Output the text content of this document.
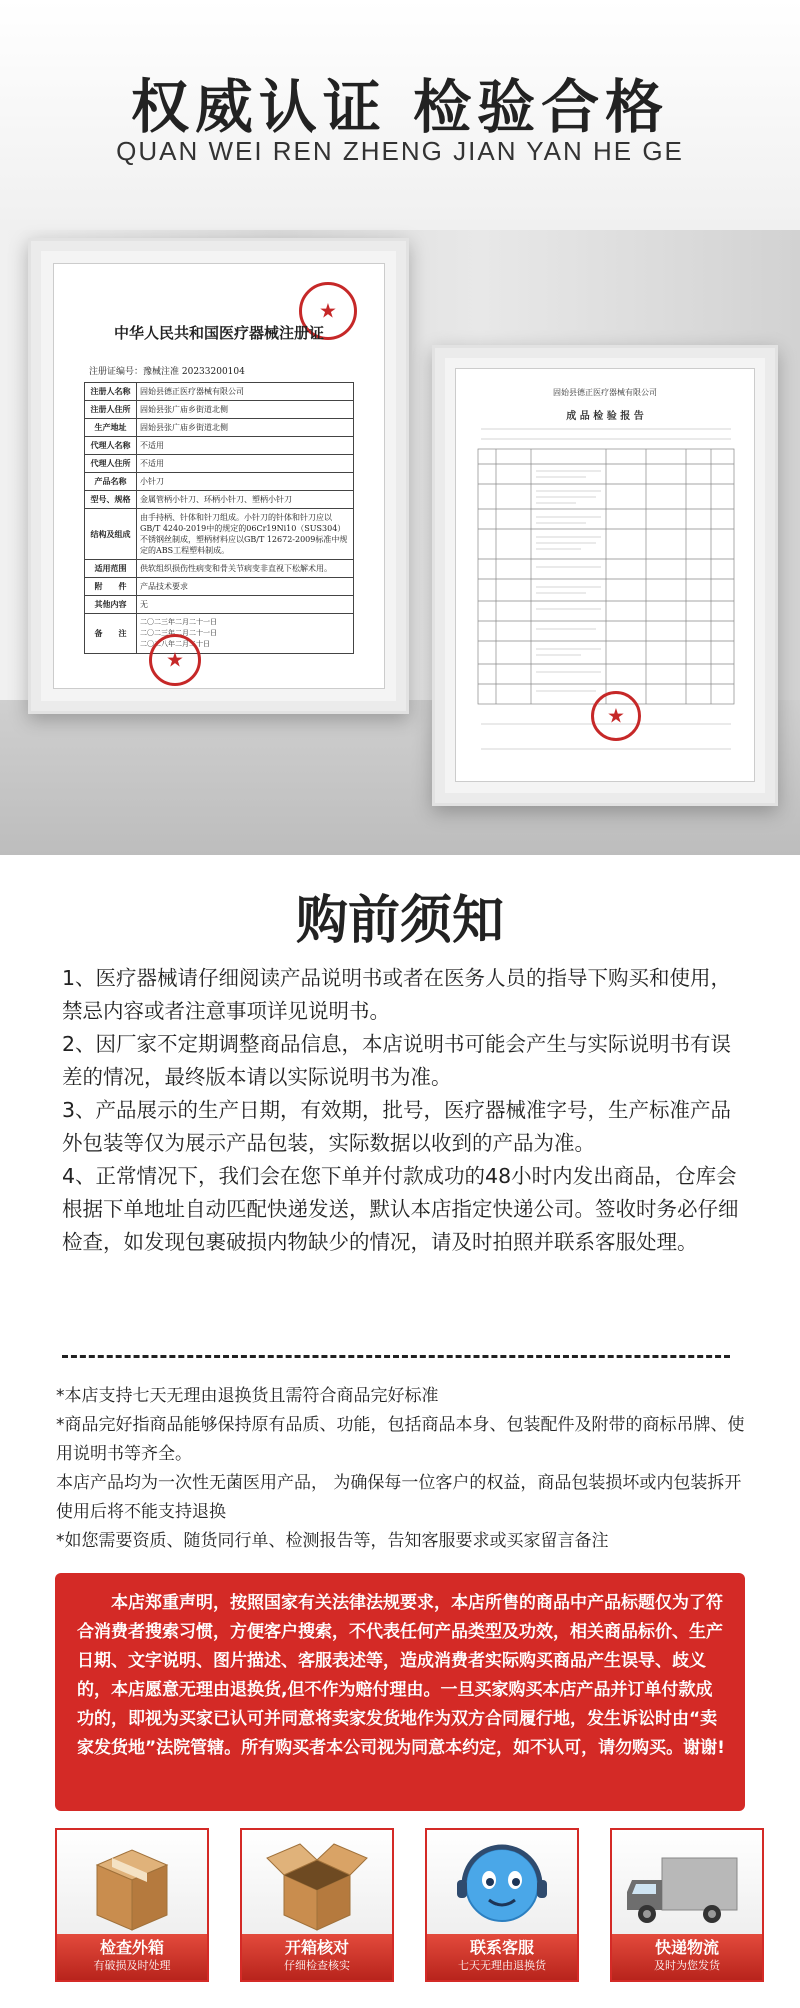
权威认证 检验合格
QUAN WEI REN ZHENG JIAN YAN HE GE
★
中华人民共和国医疗器械注册证
注册证编号：豫械注准 20233200104
注册人名称	固始县德正医疗器械有限公司
注册人住所	固始县张广庙乡街道北侧
生产地址	固始县张广庙乡街道北侧
代理人名称	不适用
代理人住所	不适用
产品名称	小针刀
型号、规格	金属管柄小针刀、环柄小针刀、塑柄小针刀
结构及组成	由手持柄、针体和针刀组成。小针刀的针体和针刀应以GB/T 4240-2019中的规定的06Cr19Ni10（SUS304）不锈钢丝制成，塑柄材料应以GB/T 12672-2009标准中规定的ABS工程塑料制成。
适用范围	供软组织损伤性病变和骨关节病变非直视下松解术用。
附　　件	产品技术要求
其他内容	无
备　　注	二〇二三年二月二十一日
二〇二三年二月二十一日
二〇二八年二月二十日
★
固始县德正医疗器械有限公司
成 品 检 验 报 告
★
购前须知

1、医疗器械请仔细阅读产品说明书或者在医务人员的指导下购买和使用，禁忌内容或者注意事项详见说明书。

2、因厂家不定期调整商品信息，本店说明书可能会产生与实际说明书有误差的情况，最终版本请以实际说明书为准。

3、产品展示的生产日期，有效期，批号，医疗器械准字号，生产标准产品外包装等仅为展示产品包装，实际数据以收到的产品为准。

4、正常情况下，我们会在您下单并付款成功的48小时内发出商品，仓库会根据下单地址自动匹配快递发送，默认本店指定快递公司。签收时务必仔细检查，如发现包裹破损内物缺少的情况，请及时拍照并联系客服处理。

*本店支持七天无理由退换货且需符合商品完好标准

*商品完好指商品能够保持原有品质、功能，包括商品本身、包装配件及附带的商标吊牌、使用说明书等齐全。

本店产品均为一次性无菌医用产品， 为确保每一位客户的权益，商品包装损坏或内包装拆开使用后将不能支持退换

*如您需要资质、随货同行单、检测报告等，告知客服要求或买家留言备注

本店郑重声明，按照国家有关法律法规要求，本店所售的商品中产品标题仅为了符合消费者搜索习惯，方便客户搜索，不代表任何产品类型及功效，相关商品标价、生产日期、文字说明、图片描述、客服表述等，造成消费者实际购买商品产生误导、歧义的，本店愿意无理由退换货,但不作为赔付理由。一旦买家购买本店产品并订单付款成功的，即视为买家已认可并同意将卖家发货地作为双方合同履行地，发生诉讼时由“卖家发货地”法院管辖。所有购买者本公司视为同意本约定，如不认可，请勿购买。谢谢!
检查外箱
有破损及时处理
开箱核对
仔细检查核实
联系客服
七天无理由退换货
快递物流
及时为您发货
